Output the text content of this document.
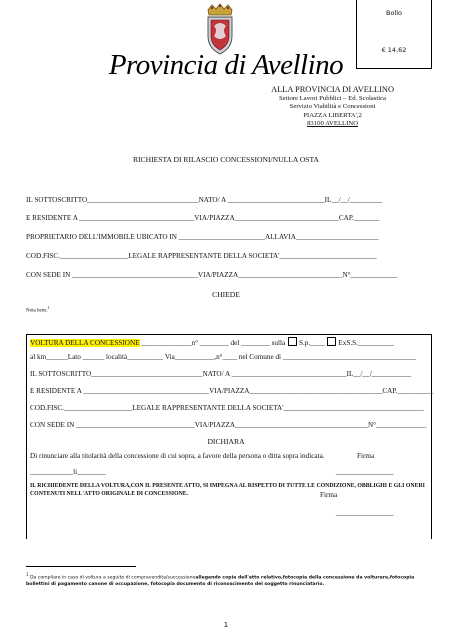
Provincia di Avellino
Bollo
€ 14,62
ALLA PROVINCIA DI AVELLINO
Settore Lavori Pubblici – Ed. Scolastica
Servizio Viabilità e Concessioni
PIAZZA LIBERTA',2
83100 AVELLINO
RICHIESTA DI RILASCIO CONCESSIONI/NULLA OSTA
IL SOTTOSCRITTO_______________________________NATO/ A ___________________________IL__/__/_________
E RESIDENTE A ________________________________VIA/PIAZZA_____________________________CAP._______
PROPRIETARIO DELL'IMMOBILE UBICATO IN ________________________ALLAVIA_______________________
COD.FISC.___________________LEGALE RAPPRESENTANTE DELLA SOCIETA'___________________________
CON SEDE IN ___________________________________VIA/PIAZZA_____________________________N°_____________
CHIEDE
Nota bene.$^1$
VOLTURA DELLA CONCESSIONE ______________n° ________ del ________ sulla S.p.____ ExS.S.__________
al km______Lato ______ località__________ Via___________,n°____ nel Comune di _____________________________________
IL SOTTOSCRITTO_______________________________NATO/ A ________________________________IL__/__/___________
E RESIDENTE A ___________________________________VIA/PIAZZA_____________________________________CAP.__________
COD.FISC.___________________LEGALE RAPPRESENTANTE DELLA SOCIETA'_______________________________________
CON SEDE IN _________________________________VIA/PIAZZA_____________________________________N°______________
DICHIARA
Di rinunciare alla titolarità della concessione di cui sopra, a favore della persona o ditta sopra indicata.	Firma
____________li________	________________
IL RICHIEDENTE DELLA VOLTURA,CON IL PRESENTE ATTO, SI IMPEGNA AL RISPETTO DI TUTTE LE CONDIZIONE, OBBLIGHI E GLI ONERI CONTENUTI NELL'ATTO ORIGINALE DI CONCESSIONE.	Firma
________________
$^1$ Da compilare in caso di voltura a seguito di compravendita/successioneallegando copia dell'atto relativo,fotocopia della concessione da volturare,fotocopia bollettini di pagamento canone di occupazione, fotocopia documento di riconoscimento del soggetto rinunciatario.
1
